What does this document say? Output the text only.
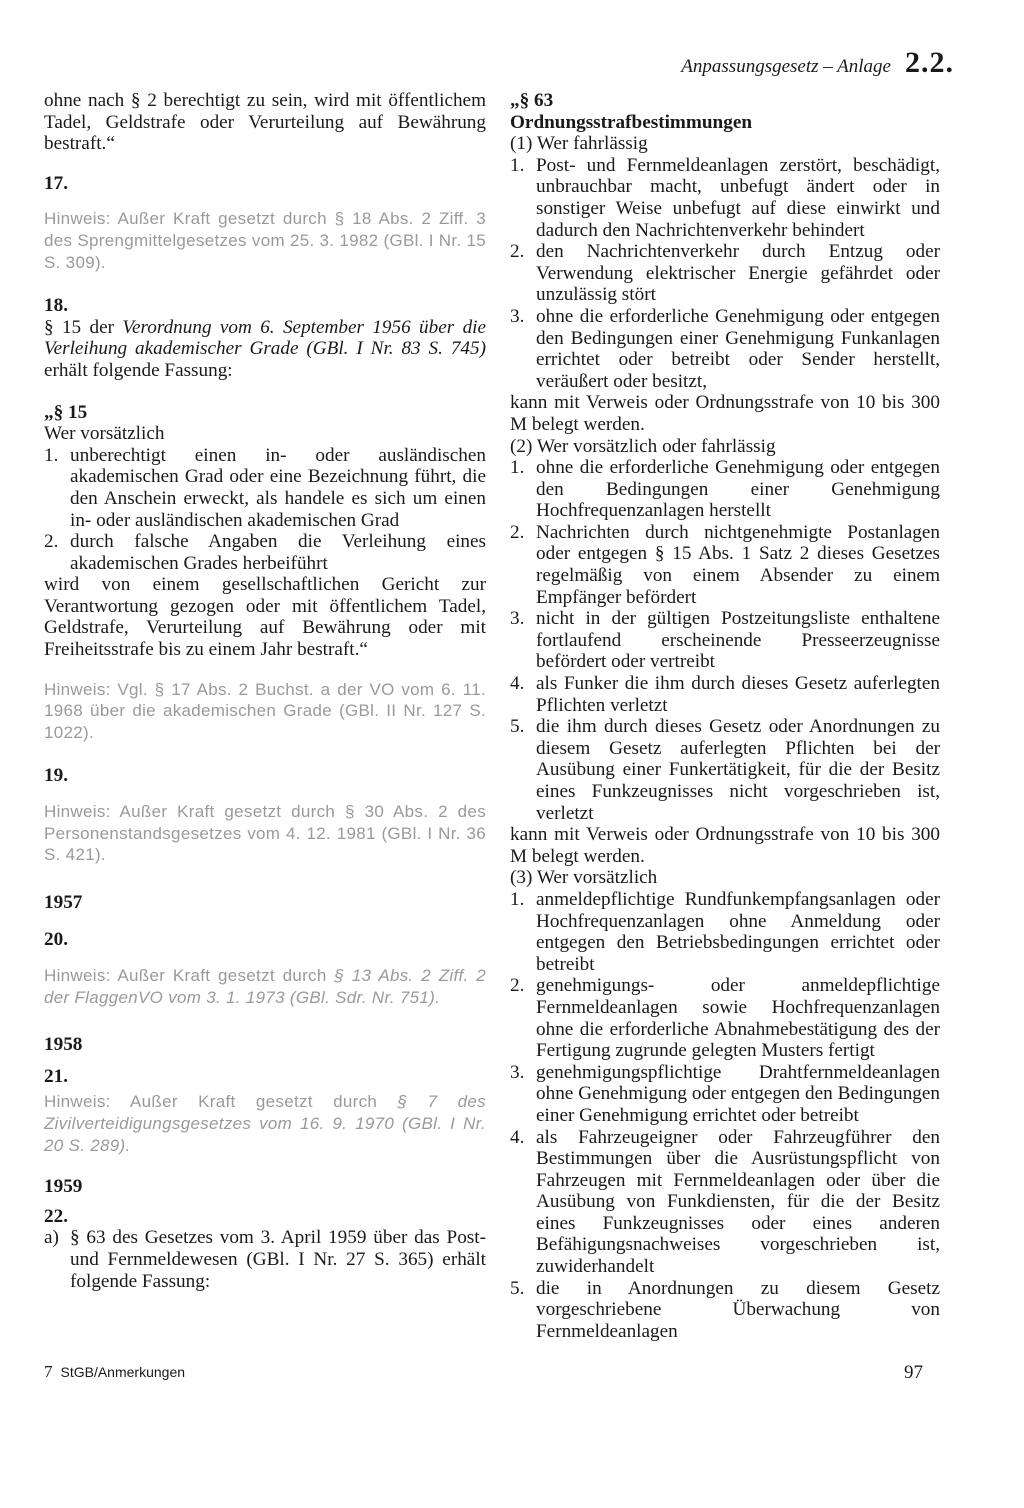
Anpassungsgesetz – Anlage 2.2.

ohne nach § 2 berechtigt zu sein, wird mit öffentlichem Tadel, Geldstrafe oder Verurteilung auf Bewährung bestraft.“

17.

Hinweis: Außer Kraft gesetzt durch § 18 Abs. 2 Ziff. 3 des Sprengmittelgesetzes vom 25. 3. 1982 (GBl. I Nr. 15 S. 309).

18.

§ 15 der Verordnung vom 6. September 1956 über die Verleihung akademischer Grade (GBl. I Nr. 83 S. 745) erhält folgende Fassung:

„§ 15

Wer vorsätzlich

1. unberechtigt einen in- oder ausländischen akademischen Grad oder eine Bezeichnung führt, die den Anschein erweckt, als handele es sich um einen in- oder ausländischen akademischen Grad
2. durch falsche Angaben die Verleihung eines akademischen Grades herbeiführt

wird von einem gesellschaftlichen Gericht zur Verantwortung gezogen oder mit öffentlichem Tadel, Geldstrafe, Verurteilung auf Bewährung oder mit Freiheitsstrafe bis zu einem Jahr bestraft.“

Hinweis: Vgl. § 17 Abs. 2 Buchst. a der VO vom 6. 11. 1968 über die akademischen Grade (GBl. II Nr. 127 S. 1022).

19.

Hinweis: Außer Kraft gesetzt durch § 30 Abs. 2 des Personenstandsgesetzes vom 4. 12. 1981 (GBl. I Nr. 36 S. 421).

1957

20.

Hinweis: Außer Kraft gesetzt durch § 13 Abs. 2 Ziff. 2 der FlaggenVO vom 3. 1. 1973 (GBl. Sdr. Nr. 751).

1958

21.

Hinweis: Außer Kraft gesetzt durch § 7 des Zivilverteidigungsgesetzes vom 16. 9. 1970 (GBl. I Nr. 20 S. 289).

1959

22.

a) § 63 des Gesetzes vom 3. April 1959 über das Post- und Fernmeldewesen (GBl. I Nr. 27 S. 365) erhält folgende Fassung:

„§ 63

Ordnungsstrafbestimmungen

(1) Wer fahrlässig

1. Post- und Fernmeldeanlagen zerstört, beschädigt, unbrauchbar macht, unbefugt ändert oder in sonstiger Weise unbefugt auf diese einwirkt und dadurch den Nachrichtenverkehr behindert
2. den Nachrichtenverkehr durch Entzug oder Verwendung elektrischer Energie gefährdet oder unzulässig stört
3. ohne die erforderliche Genehmigung oder entgegen den Bedingungen einer Genehmigung Funkanlagen errichtet oder betreibt oder Sender herstellt, veräußert oder besitzt,

kann mit Verweis oder Ordnungsstrafe von 10 bis 300 M belegt werden.

(2) Wer vorsätzlich oder fahrlässig

1. ohne die erforderliche Genehmigung oder entgegen den Bedingungen einer Genehmigung Hochfrequenzanlagen herstellt
2. Nachrichten durch nichtgenehmigte Postanlagen oder entgegen § 15 Abs. 1 Satz 2 dieses Gesetzes regelmäßig von einem Absender zu einem Empfänger befördert
3. nicht in der gültigen Postzeitungsliste enthaltene fortlaufend erscheinende Presseerzeugnisse befördert oder vertreibt
4. als Funker die ihm durch dieses Gesetz auferlegten Pflichten verletzt
5. die ihm durch dieses Gesetz oder Anordnungen zu diesem Gesetz auferlegten Pflichten bei der Ausübung einer Funkertätigkeit, für die der Besitz eines Funkzeugnisses nicht vorgeschrieben ist, verletzt

kann mit Verweis oder Ordnungsstrafe von 10 bis 300 M belegt werden.

(3) Wer vorsätzlich

1. anmeldepflichtige Rundfunkempfangsanlagen oder Hochfrequenzanlagen ohne Anmeldung oder entgegen den Betriebsbedingungen errichtet oder betreibt
2. genehmigungs- oder anmeldepflichtige Fernmeldeanlagen sowie Hochfrequenzanlagen ohne die erforderliche Abnahmebestätigung des der Fertigung zugrunde gelegten Musters fertigt
3. genehmigungspflichtige Drahtfernmeldeanlagen ohne Genehmigung oder entgegen den Bedingungen einer Genehmigung errichtet oder betreibt
4. als Fahrzeugeigner oder Fahrzeugführer den Bestimmungen über die Ausrüstungspflicht von Fahrzeugen mit Fernmeldeanlagen oder über die Ausübung von Funkdiensten, für die der Besitz eines Funkzeugnisses oder eines anderen Befähigungsnachweises vorgeschrieben ist, zuwiderhandelt
5. die in Anordnungen zu diesem Gesetz vorgeschriebene Überwachung von Fernmeldeanlagen
7 StGB/Anmerkungen	97
